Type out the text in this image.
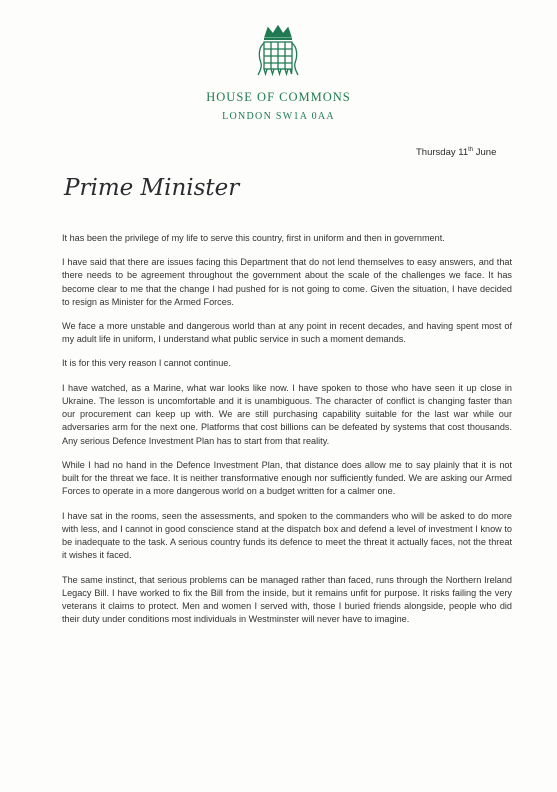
HOUSE OF COMMONS
LONDON SW1A 0AA
Thursday 11th June
Prime Minister

It has been the privilege of my life to serve this country, first in uniform and then in government.

I have said that there are issues facing this Department that do not lend themselves to easy answers, and that there needs to be agreement throughout the government about the scale of the challenges we face. It has become clear to me that the change I had pushed for is not going to come. Given the situation, I have decided to resign as Minister for the Armed Forces.

We face a more unstable and dangerous world than at any point in recent decades, and having spent most of my adult life in uniform, I understand what public service in such a moment demands.

It is for this very reason I cannot continue.

I have watched, as a Marine, what war looks like now. I have spoken to those who have seen it up close in Ukraine. The lesson is uncomfortable and it is unambiguous. The character of conflict is changing faster than our procurement can keep up with. We are still purchasing capability suitable for the last war while our adversaries arm for the next one. Platforms that cost billions can be defeated by systems that cost thousands. Any serious Defence Investment Plan has to start from that reality.

While I had no hand in the Defence Investment Plan, that distance does allow me to say plainly that it is not built for the threat we face. It is neither transformative enough nor sufficiently funded. We are asking our Armed Forces to operate in a more dangerous world on a budget written for a calmer one.

I have sat in the rooms, seen the assessments, and spoken to the commanders who will be asked to do more with less, and I cannot in good conscience stand at the dispatch box and defend a level of investment I know to be inadequate to the task. A serious country funds its defence to meet the threat it actually faces, not the threat it wishes it faced.

The same instinct, that serious problems can be managed rather than faced, runs through the Northern Ireland Legacy Bill. I have worked to fix the Bill from the inside, but it remains unfit for purpose. It risks failing the very veterans it claims to protect. Men and women I served with, those I buried friends alongside, people who did their duty under conditions most individuals in Westminster will never have to imagine.
